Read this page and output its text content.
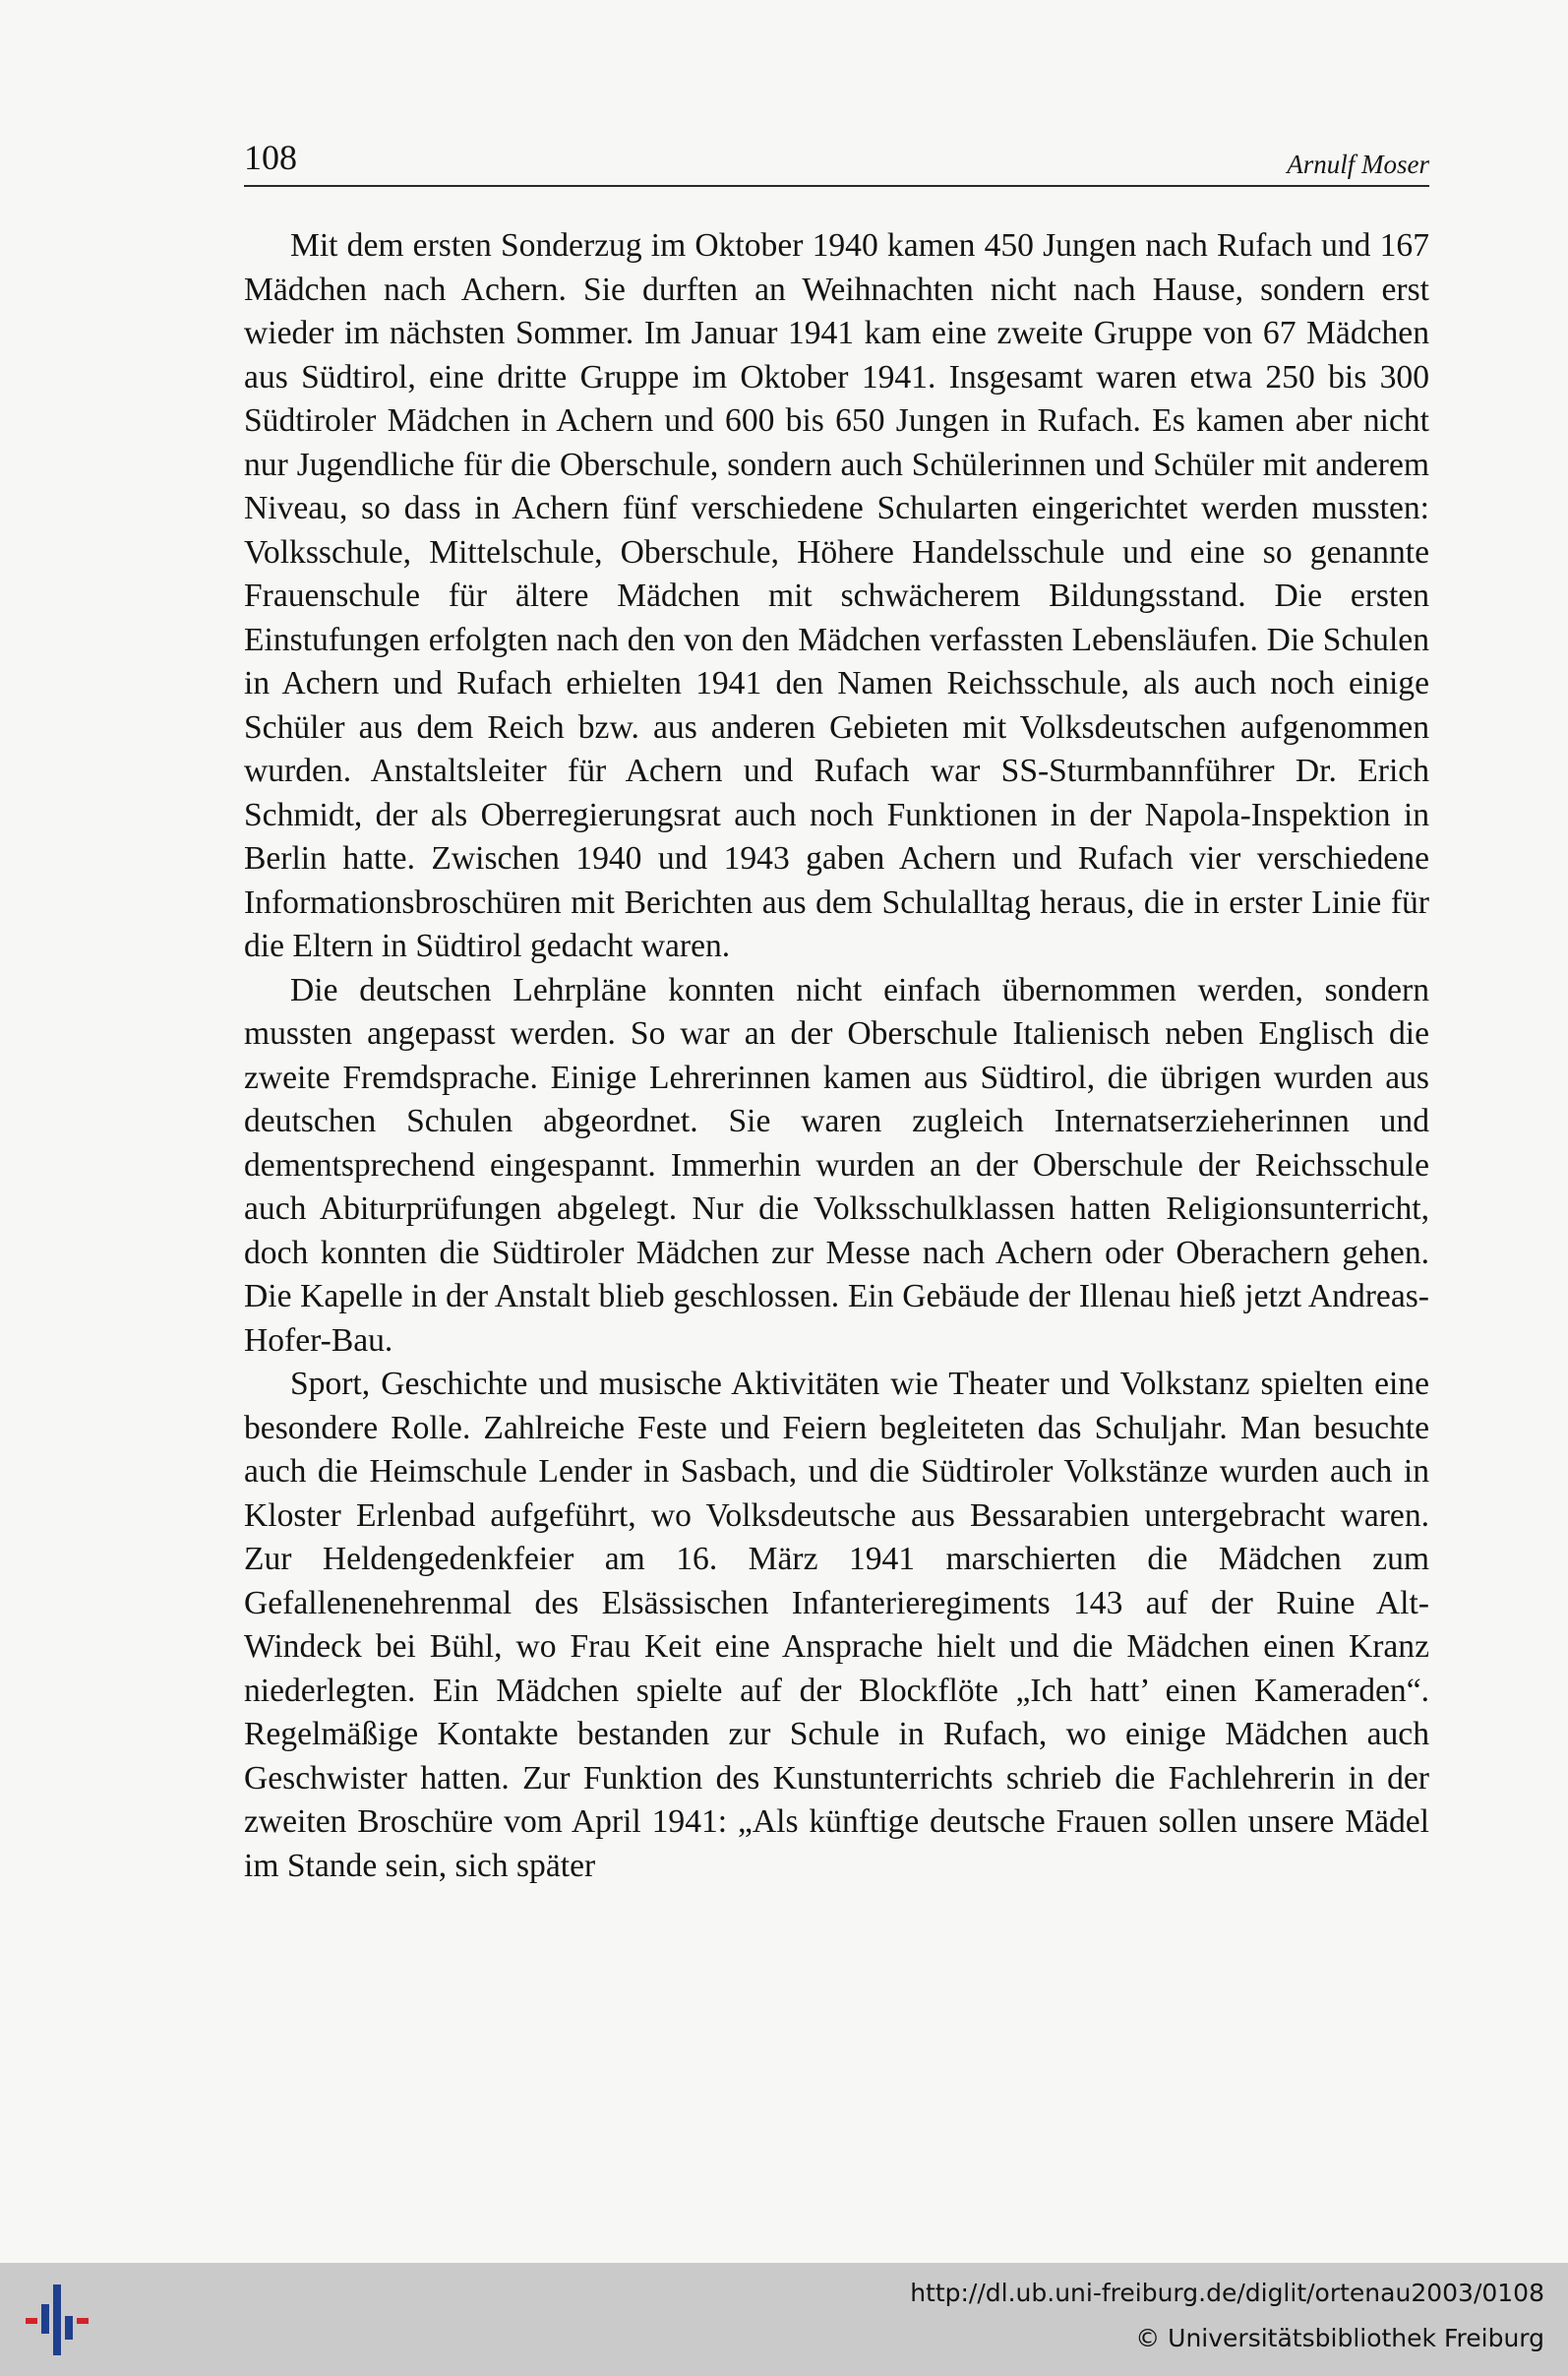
108	Arnulf Moser

Mit dem ersten Sonderzug im Oktober 1940 kamen 450 Jungen nach Rufach und 167 Mädchen nach Achern. Sie durften an Weihnachten nicht nach Hause, sondern erst wieder im nächsten Sommer. Im Januar 1941 kam eine zweite Gruppe von 67 Mädchen aus Südtirol, eine dritte Gruppe im Oktober 1941. Insgesamt waren etwa 250 bis 300 Südtiroler Mädchen in Achern und 600 bis 650 Jungen in Rufach. Es kamen aber nicht nur Jugendliche für die Oberschule, sondern auch Schülerinnen und Schüler mit anderem Niveau, so dass in Achern fünf verschiedene Schularten eingerichtet werden mussten: Volksschule, Mittelschule, Oberschule, Höhere Handelsschule und eine so genannte Frauenschule für ältere Mädchen mit schwächerem Bildungsstand. Die ersten Einstufungen erfolgten nach den von den Mädchen verfassten Lebensläufen. Die Schulen in Achern und Rufach erhielten 1941 den Namen Reichsschule, als auch noch einige Schüler aus dem Reich bzw. aus anderen Gebieten mit Volksdeutschen aufgenommen wurden. Anstaltsleiter für Achern und Rufach war SS-Sturmbannführer Dr. Erich Schmidt, der als Oberregierungsrat auch noch Funktionen in der Napola-Inspektion in Berlin hatte. Zwischen 1940 und 1943 gaben Achern und Rufach vier verschiedene Informationsbroschüren mit Berichten aus dem Schulalltag heraus, die in erster Linie für die Eltern in Südtirol gedacht waren.

Die deutschen Lehrpläne konnten nicht einfach übernommen werden, sondern mussten angepasst werden. So war an der Oberschule Italienisch neben Englisch die zweite Fremdsprache. Einige Lehrerinnen kamen aus Südtirol, die übrigen wurden aus deutschen Schulen abgeordnet. Sie waren zugleich Internatserzieherinnen und dementsprechend eingespannt. Immerhin wurden an der Oberschule der Reichsschule auch Abiturprüfungen abgelegt. Nur die Volksschulklassen hatten Religionsunterricht, doch konnten die Südtiroler Mädchen zur Messe nach Achern oder Oberachern gehen. Die Kapelle in der Anstalt blieb geschlossen. Ein Gebäude der Illenau hieß jetzt Andreas-Hofer-Bau.

Sport, Geschichte und musische Aktivitäten wie Theater und Volkstanz spielten eine besondere Rolle. Zahlreiche Feste und Feiern begleiteten das Schuljahr. Man besuchte auch die Heimschule Lender in Sasbach, und die Südtiroler Volkstänze wurden auch in Kloster Erlenbad aufgeführt, wo Volksdeutsche aus Bessarabien untergebracht waren. Zur Heldengedenkfeier am 16. März 1941 marschierten die Mädchen zum Gefallenenehrenmal des Elsässischen Infanterieregiments 143 auf der Ruine Alt-Windeck bei Bühl, wo Frau Keit eine Ansprache hielt und die Mädchen einen Kranz niederlegten. Ein Mädchen spielte auf der Blockflöte „Ich hatt’ einen Kameraden“. Regelmäßige Kontakte bestanden zur Schule in Rufach, wo einige Mädchen auch Geschwister hatten. Zur Funktion des Kunstunterrichts schrieb die Fachlehrerin in der zweiten Broschüre vom April 1941: „Als künftige deutsche Frauen sollen unsere Mädel im Stande sein, sich später

http://dl.ub.uni-freiburg.de/diglit/ortenau2003/0108
© Universitätsbibliothek Freiburg
